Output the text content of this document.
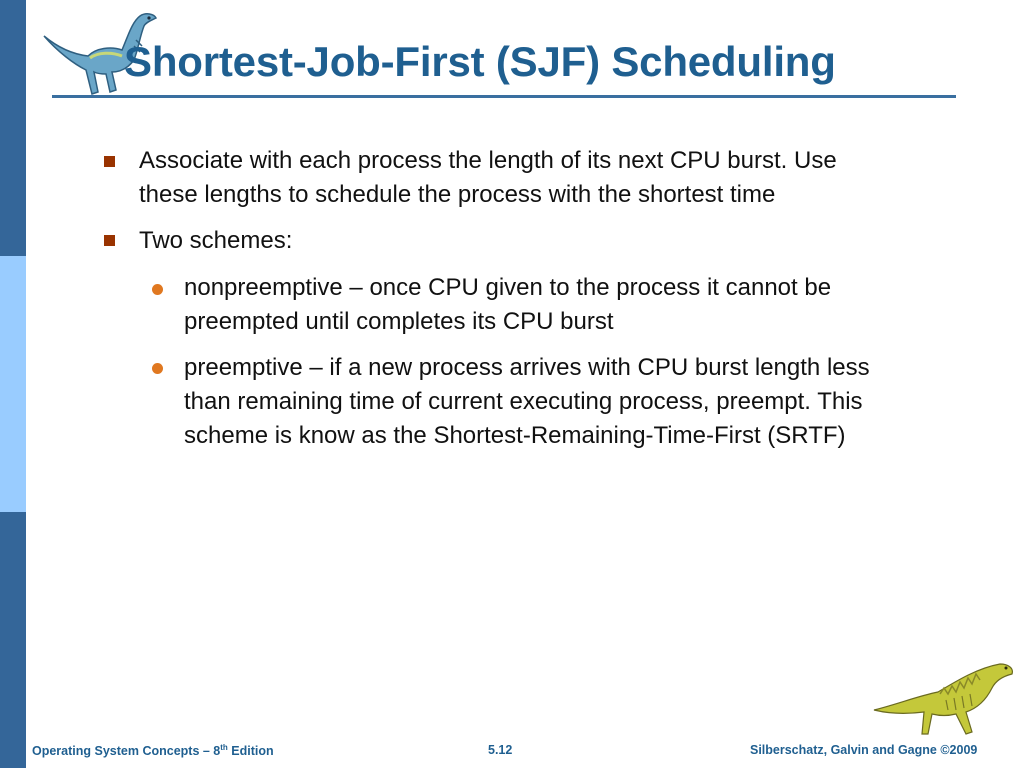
Shortest-Job-First (SJF) Scheduling
Associate with each process the length of its next CPU burst. Use
these lengths to schedule the process with the shortest time
Two schemes:
nonpreemptive – once CPU given to the process it cannot be
preempted until completes its CPU burst
preemptive – if a new process arrives with CPU burst length less
than remaining time of current executing process, preempt. This
scheme is know as the Shortest-Remaining-Time-First (SRTF)
Operating System Concepts – 8th Edition	5.12	Silberschatz, Galvin and Gagne ©2009
